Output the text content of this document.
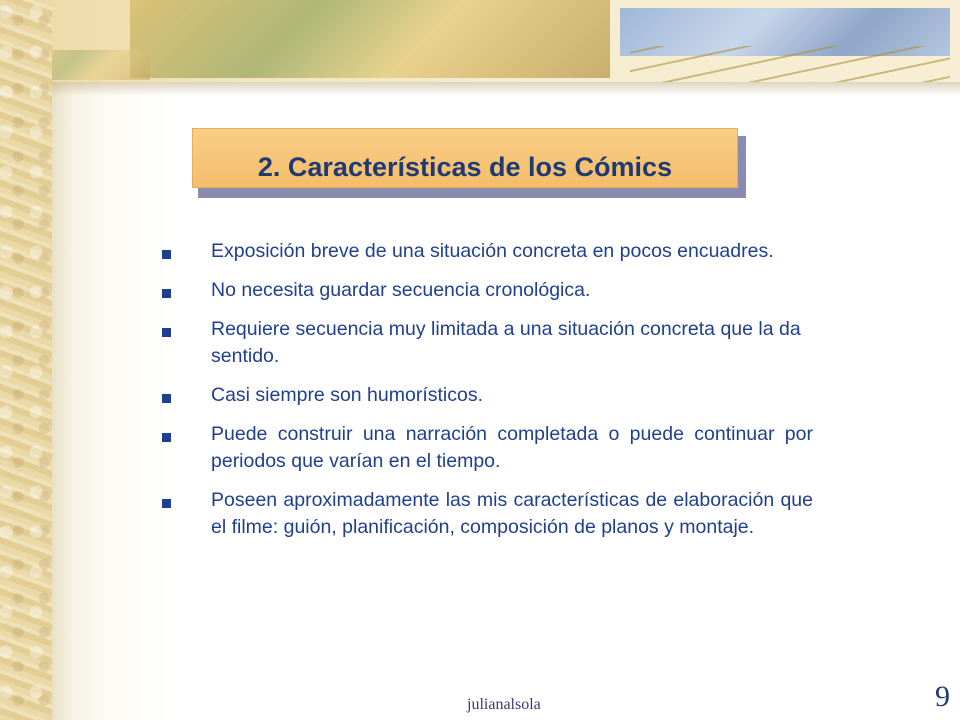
2. Características de los Cómics
Exposición breve de una situación concreta en pocos encuadres.
No necesita guardar secuencia cronológica.
Requiere secuencia muy limitada a una situación concreta que la da sentido.
Casi siempre son humorísticos.
Puede construir una narración completada o puede continuar por periodos que varían en el tiempo.
Poseen aproximadamente las mis características de elaboración que el filme: guión, planificación, composición de planos y montaje.
julianalsola	9
